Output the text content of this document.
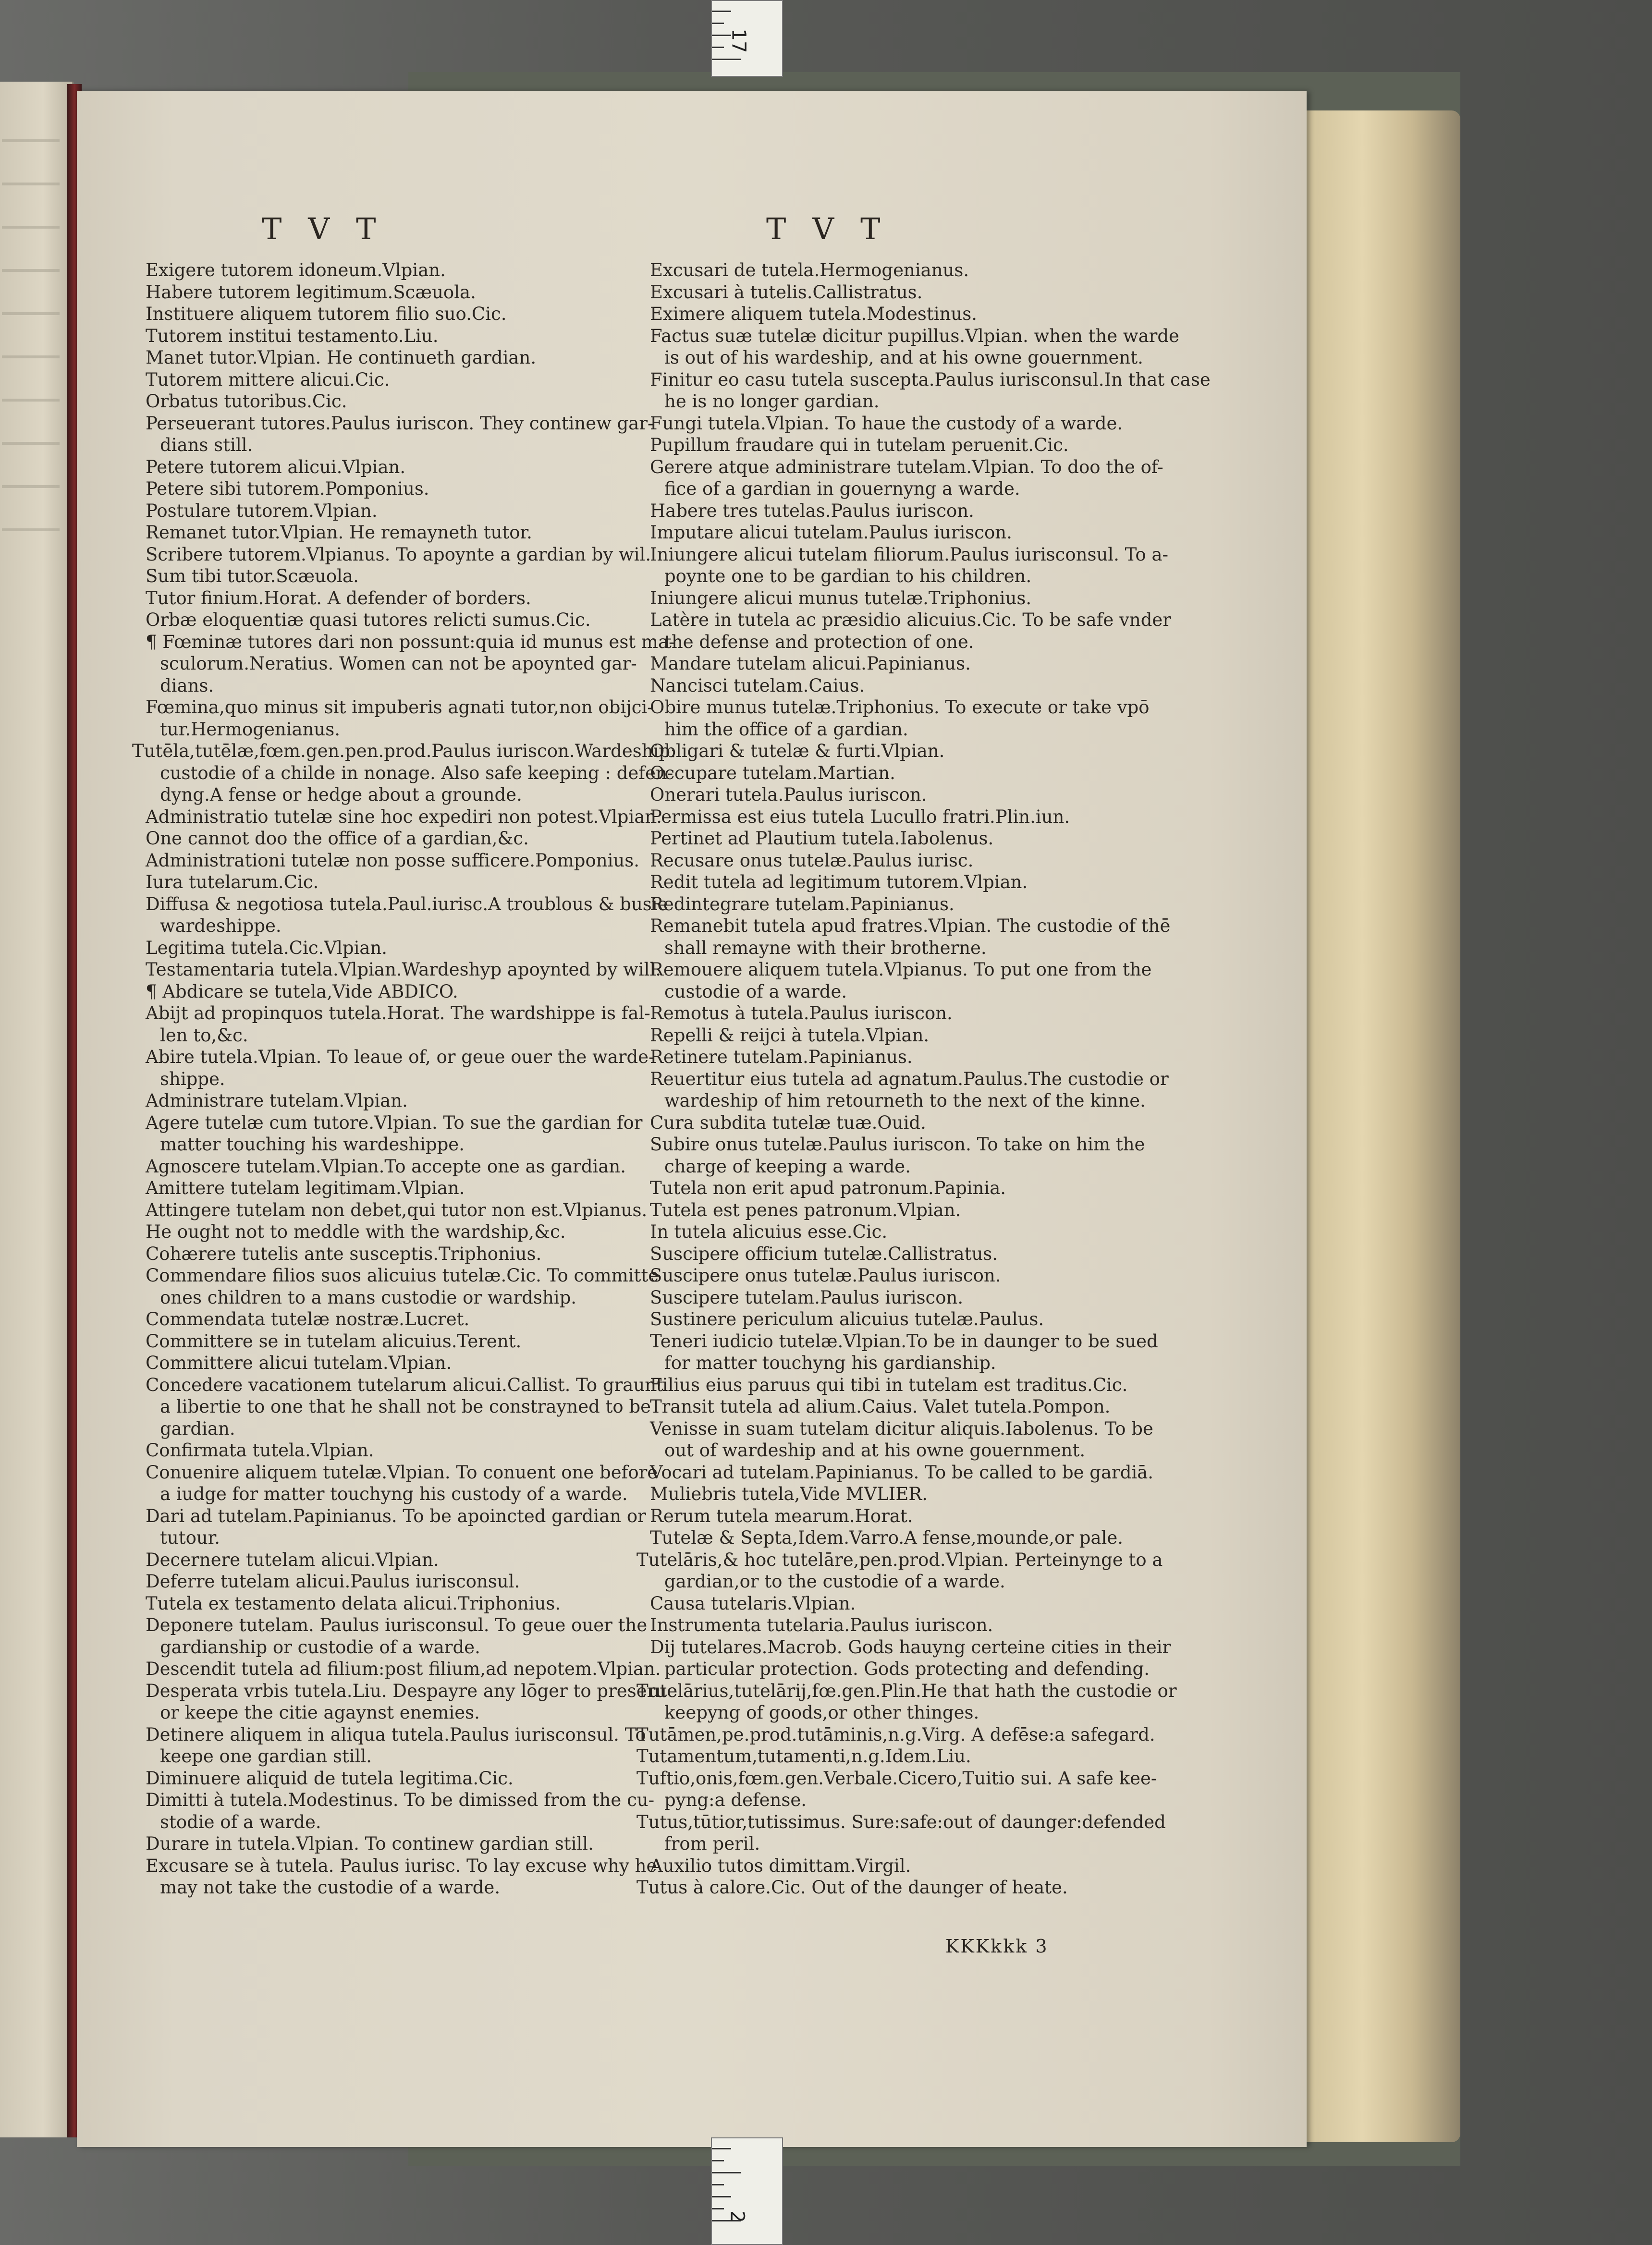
17
TVT	TVT
Exigere tutorem idoneum.Vlpian.
Habere tutorem legitimum.Scæuola.
Instituere aliquem tutorem filio suo.Cic.
Tutorem institui testamento.Liu.
Manet tutor.Vlpian. He continueth gardian.
Tutorem mittere alicui.Cic.
Orbatus tutoribus.Cic.
Perseuerant tutores.Paulus iuriscon. They continew gar-
dians still.
Petere tutorem alicui.Vlpian.
Petere sibi tutorem.Pomponius.
Postulare tutorem.Vlpian.
Remanet tutor.Vlpian. He remayneth tutor.
Scribere tutorem.Vlpianus. To apoynte a gardian by wil.
Sum tibi tutor.Scæuola.
Tutor finium.Horat. A defender of borders.
Orbæ eloquentiæ quasi tutores relicti sumus.Cic.
¶ Fœminæ tutores dari non possunt:quia id munus est ma-
sculorum.Neratius. Women can not be apoynted gar-
dians.
Fœmina,quo minus sit impuberis agnati tutor,non obijci-
tur.Hermogenianus.
Tutēla,tutēlæ,fœm.gen.pen.prod.Paulus iuriscon.Wardeship:
custodie of a childe in nonage. Also safe keeping : defen-
dyng.A fense or hedge about a grounde.
Administratio tutelæ sine hoc expediri non potest.Vlpian.
One cannot doo the office of a gardian,&c.
Administrationi tutelæ non posse sufficere.Pomponius.
Iura tutelarum.Cic.
Diffusa & negotiosa tutela.Paul.iurisc.A troublous & busie
wardeshippe.
Legitima tutela.Cic.Vlpian.
Testamentaria tutela.Vlpian.Wardeshyp apoynted by will.
¶ Abdicare se tutela,Vide ABDICO.
Abijt ad propinquos tutela.Horat. The wardshippe is fal-
len to,&c.
Abire tutela.Vlpian. To leaue of, or geue ouer the warde-
shippe.
Administrare tutelam.Vlpian.
Agere tutelæ cum tutore.Vlpian. To sue the gardian for
matter touching his wardeshippe.
Agnoscere tutelam.Vlpian.To accepte one as gardian.
Amittere tutelam legitimam.Vlpian.
Attingere tutelam non debet,qui tutor non est.Vlpianus.
He ought not to meddle with the wardship,&c.
Cohærere tutelis ante susceptis.Triphonius.
Commendare filios suos alicuius tutelæ.Cic. To committe
ones children to a mans custodie or wardship.
Commendata tutelæ nostræ.Lucret.
Committere se in tutelam alicuius.Terent.
Committere alicui tutelam.Vlpian.
Concedere vacationem tutelarum alicui.Callist. To graunt
a libertie to one that he shall not be constrayned to be
gardian.
Confirmata tutela.Vlpian.
Conuenire aliquem tutelæ.Vlpian. To conuent one before
a iudge for matter touchyng his custody of a warde.
Dari ad tutelam.Papinianus. To be apoincted gardian or
tutour.
Decernere tutelam alicui.Vlpian.
Deferre tutelam alicui.Paulus iurisconsul.
Tutela ex testamento delata alicui.Triphonius.
Deponere tutelam. Paulus iurisconsul. To geue ouer the
gardianship or custodie of a warde.
Descendit tutela ad filium:post filium,ad nepotem.Vlpian.
Desperata vrbis tutela.Liu. Despayre any lōger to preserue
or keepe the citie agaynst enemies.
Detinere aliquem in aliqua tutela.Paulus iurisconsul. To
keepe one gardian still.
Diminuere aliquid de tutela legitima.Cic.
Dimitti à tutela.Modestinus. To be dimissed from the cu-
stodie of a warde.
Durare in tutela.Vlpian. To continew gardian still.
Excusare se à tutela. Paulus iurisc. To lay excuse why he
may not take the custodie of a warde.
Excusari de tutela.Hermogenianus.
Excusari à tutelis.Callistratus.
Eximere aliquem tutela.Modestinus.
Factus suæ tutelæ dicitur pupillus.Vlpian. when the warde
is out of his wardeship, and at his owne gouernment.
Finitur eo casu tutela suscepta.Paulus iurisconsul.In that case
he is no longer gardian.
Fungi tutela.Vlpian. To haue the custody of a warde.
Pupillum fraudare qui in tutelam peruenit.Cic.
Gerere atque administrare tutelam.Vlpian. To doo the of-
fice of a gardian in gouernyng a warde.
Habere tres tutelas.Paulus iuriscon.
Imputare alicui tutelam.Paulus iuriscon.
Iniungere alicui tutelam filiorum.Paulus iurisconsul. To a-
poynte one to be gardian to his children.
Iniungere alicui munus tutelæ.Triphonius.
Latère in tutela ac præsidio alicuius.Cic. To be safe vnder
the defense and protection of one.
Mandare tutelam alicui.Papinianus.
Nancisci tutelam.Caius.
Obire munus tutelæ.Triphonius. To execute or take vpō
him the office of a gardian.
Obligari & tutelæ & furti.Vlpian.
Occupare tutelam.Martian.
Onerari tutela.Paulus iuriscon.
Permissa est eius tutela Lucullo fratri.Plin.iun.
Pertinet ad Plautium tutela.Iabolenus.
Recusare onus tutelæ.Paulus iurisc.
Redit tutela ad legitimum tutorem.Vlpian.
Redintegrare tutelam.Papinianus.
Remanebit tutela apud fratres.Vlpian. The custodie of thē
shall remayne with their brotherne.
Remouere aliquem tutela.Vlpianus. To put one from the
custodie of a warde.
Remotus à tutela.Paulus iuriscon.
Repelli & reijci à tutela.Vlpian.
Retinere tutelam.Papinianus.
Reuertitur eius tutela ad agnatum.Paulus.The custodie or
wardeship of him retourneth to the next of the kinne.
Cura subdita tutelæ tuæ.Ouid.
Subire onus tutelæ.Paulus iuriscon. To take on him the
charge of keeping a warde.
Tutela non erit apud patronum.Papinia.
Tutela est penes patronum.Vlpian.
In tutela alicuius esse.Cic.
Suscipere officium tutelæ.Callistratus.
Suscipere onus tutelæ.Paulus iuriscon.
Suscipere tutelam.Paulus iuriscon.
Sustinere periculum alicuius tutelæ.Paulus.
Teneri iudicio tutelæ.Vlpian.To be in daunger to be sued
for matter touchyng his gardianship.
Filius eius paruus qui tibi in tutelam est traditus.Cic.
Transit tutela ad alium.Caius. Valet tutela.Pompon.
Venisse in suam tutelam dicitur aliquis.Iabolenus. To be
out of wardeship and at his owne gouernment.
Vocari ad tutelam.Papinianus. To be called to be gardiā.
Muliebris tutela,Vide MVLIER.
Rerum tutela mearum.Horat.
Tutelæ & Septa,Idem.Varro.A fense,mounde,or pale.
Tutelāris,& hoc tutelāre,pen.prod.Vlpian. Perteinynge to a
gardian,or to the custodie of a warde.
Causa tutelaris.Vlpian.
Instrumenta tutelaria.Paulus iuriscon.
Dij tutelares.Macrob. Gods hauyng certeine cities in their
particular protection. Gods protecting and defending.
Tutelārius,tutelārij,fœ.gen.Plin.He that hath the custodie or
keepyng of goods,or other thinges.
Tutāmen,pe.prod.tutāminis,n.g.Virg. A defēse:a safegard.
Tutamentum,tutamenti,n.g.Idem.Liu.
Tuftio,onis,fœm.gen.Verbale.Cicero,Tuitio sui. A safe kee-
pyng:a defense.
Tutus,tūtior,tutissimus. Sure:safe:out of daunger:defended
from peril.
Auxilio tutos dimittam.Virgil.
Tutus à calore.Cic. Out of the daunger of heate.
KKKkkk 3
2
